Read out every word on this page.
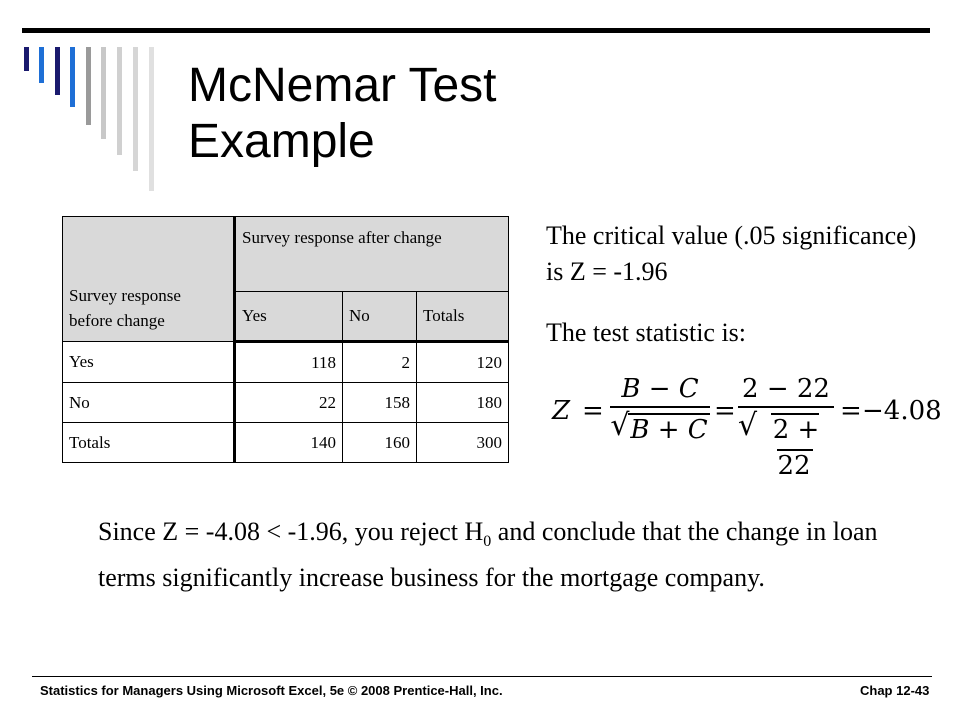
McNemar Test
Example
Survey response before change	Survey response after change		
	Yes	No	Totals
Yes	118	2	120
No	22	158	180
Totals	140	160	300
The critical value (.05 significance) is Z = -1.96
The test statistic is:
Z =
B − C
√ B + C
=
2 − 22
√ 2 + 22
= −4.08
Since Z = -4.08 < -1.96, you reject $H_0$ and conclude that the change in loan terms significantly increase business for the mortgage company.
Statistics for Managers Using Microsoft Excel, 5e © 2008 Prentice-Hall, Inc.	Chap 12-43
